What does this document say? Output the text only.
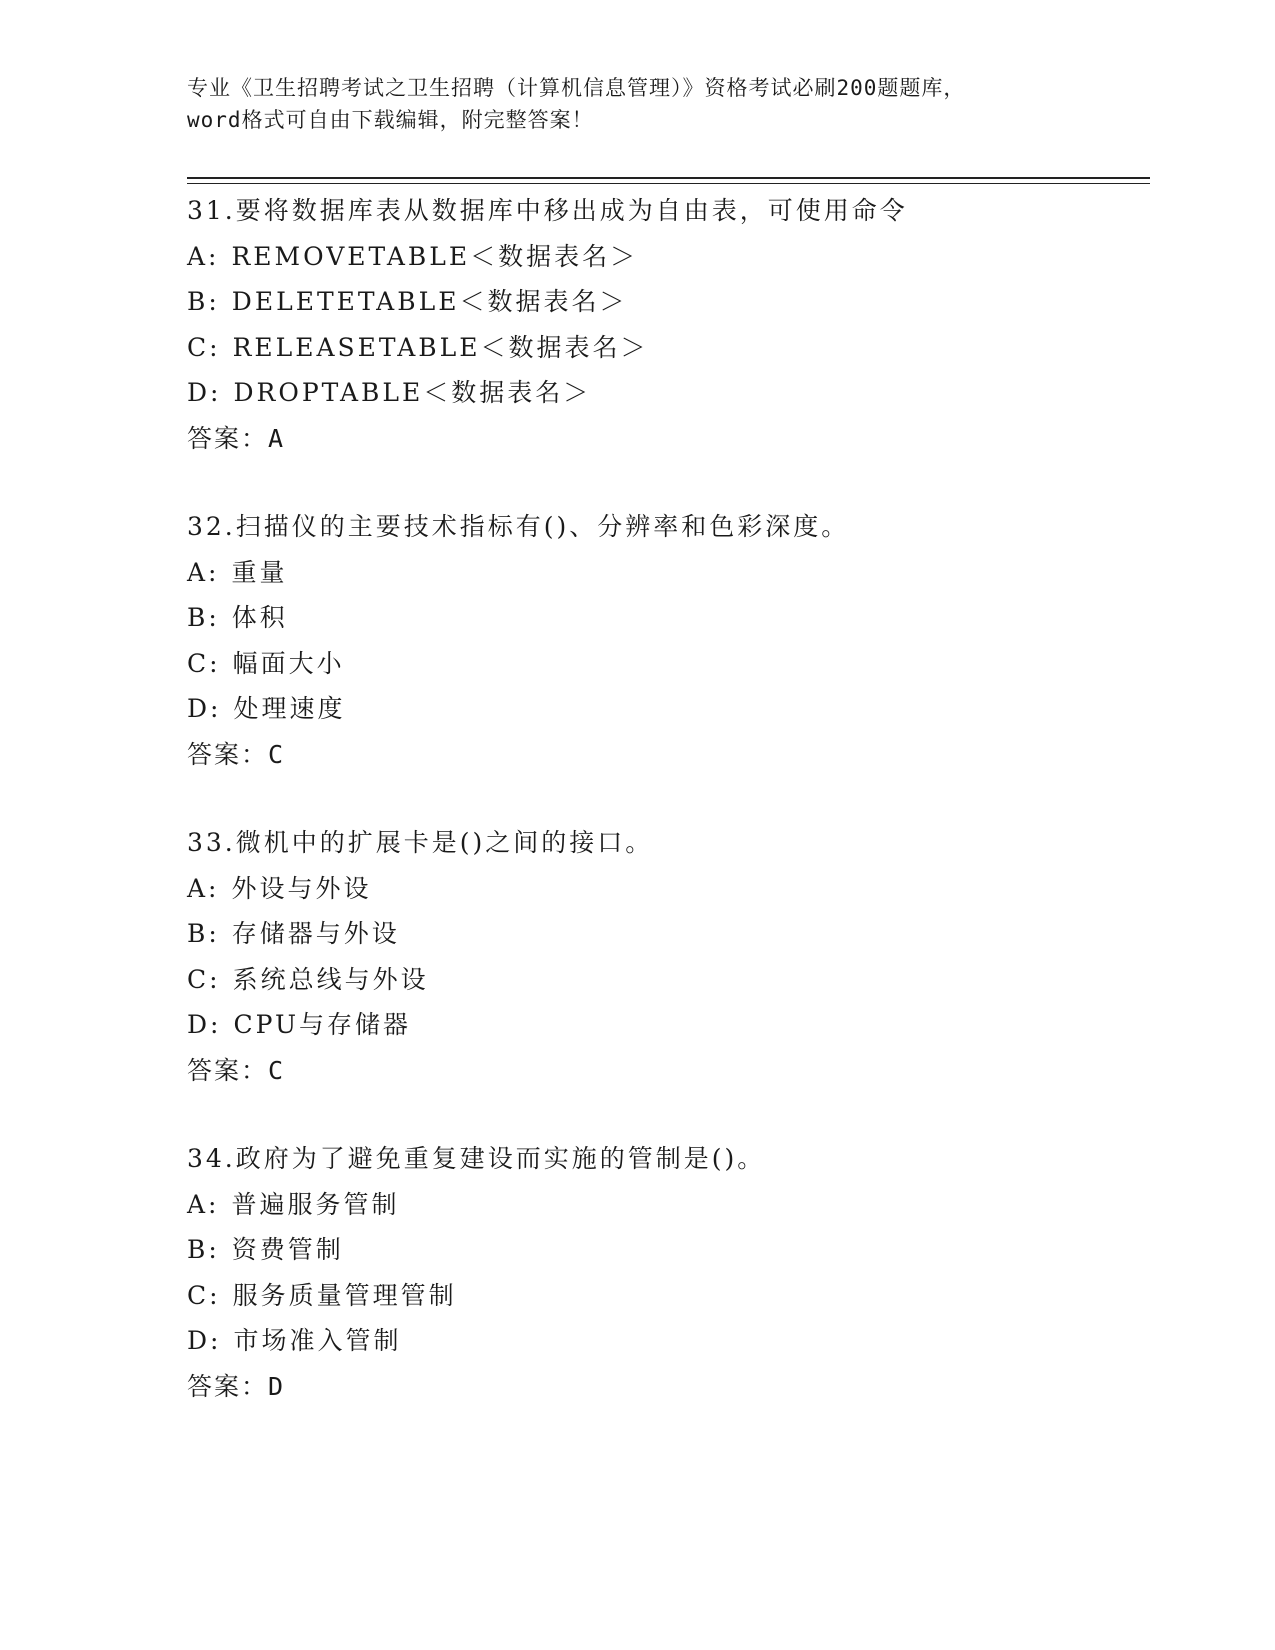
专业《卫生招聘考试之卫生招聘（计算机信息管理）》资格考试必刷200题题库，
word格式可自由下载编辑，附完整答案！
31.要将数据库表从数据库中移出成为自由表，可使用命令
A: REMOVETABLE＜数据表名＞
B: DELETETABLE＜数据表名＞
C: RELEASETABLE＜数据表名＞
D: DROPTABLE＜数据表名＞
答案：A
32.扫描仪的主要技术指标有()、分辨率和色彩深度。
A: 重量
B: 体积
C: 幅面大小
D: 处理速度
答案：C
33.微机中的扩展卡是()之间的接口。
A: 外设与外设
B: 存储器与外设
C: 系统总线与外设
D: CPU与存储器
答案：C
34.政府为了避免重复建设而实施的管制是()。
A: 普遍服务管制
B: 资费管制
C: 服务质量管理管制
D: 市场准入管制
答案：D
